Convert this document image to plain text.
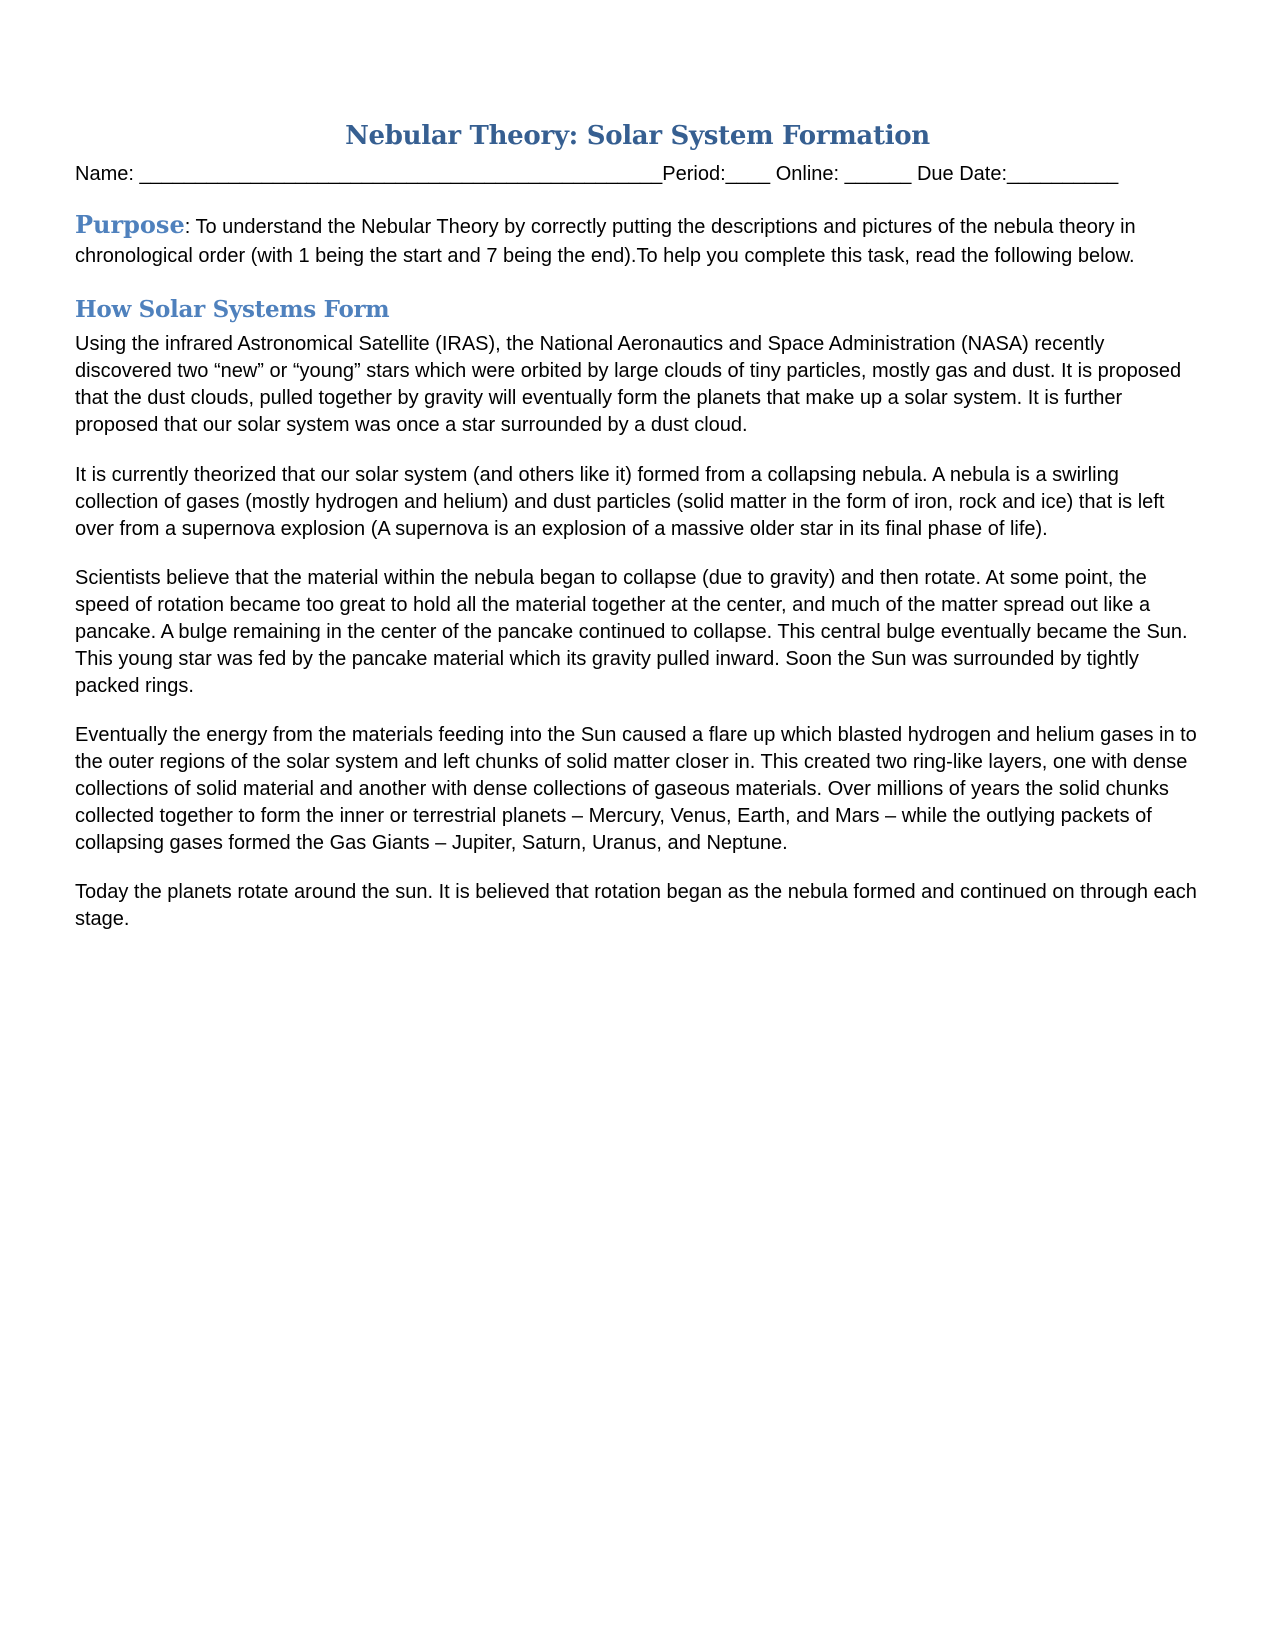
Nebular Theory: Solar System Formation
Name: _______________________________________________Period:____ Online: ______ Due Date:__________

Purpose: To understand the Nebular Theory by correctly putting the descriptions and pictures of the nebula theory in chronological order (with 1 being the start and 7 being the end).To help you complete this task, read the following below.

How Solar Systems Form

Using the infrared Astronomical Satellite (IRAS), the National Aeronautics and Space Administration (NASA) recently discovered two “new” or “young” stars which were orbited by large clouds of tiny particles, mostly gas and dust. It is proposed that the dust clouds, pulled together by gravity will eventually form the planets that make up a solar system. It is further proposed that our solar system was once a star surrounded by a dust cloud.

It is currently theorized that our solar system (and others like it) formed from a collapsing nebula. A nebula is a swirling collection of gases (mostly hydrogen and helium) and dust particles (solid matter in the form of iron, rock and ice) that is left over from a supernova explosion (A supernova is an explosion of a massive older star in its final phase of life).

Scientists believe that the material within the nebula began to collapse (due to gravity) and then rotate. At some point, the speed of rotation became too great to hold all the material together at the center, and much of the matter spread out like a pancake. A bulge remaining in the center of the pancake continued to collapse. This central bulge eventually became the Sun. This young star was fed by the pancake material which its gravity pulled inward. Soon the Sun was surrounded by tightly packed rings.

Eventually the energy from the materials feeding into the Sun caused a flare up which blasted hydrogen and helium gases in to the outer regions of the solar system and left chunks of solid matter closer in. This created two ring-like layers, one with dense collections of solid material and another with dense collections of gaseous materials. Over millions of years the solid chunks collected together to form the inner or terrestrial planets – Mercury, Venus, Earth, and Mars – while the outlying packets of collapsing gases formed the Gas Giants – Jupiter, Saturn, Uranus, and Neptune.

Today the planets rotate around the sun. It is believed that rotation began as the nebula formed and continued on through each stage.
